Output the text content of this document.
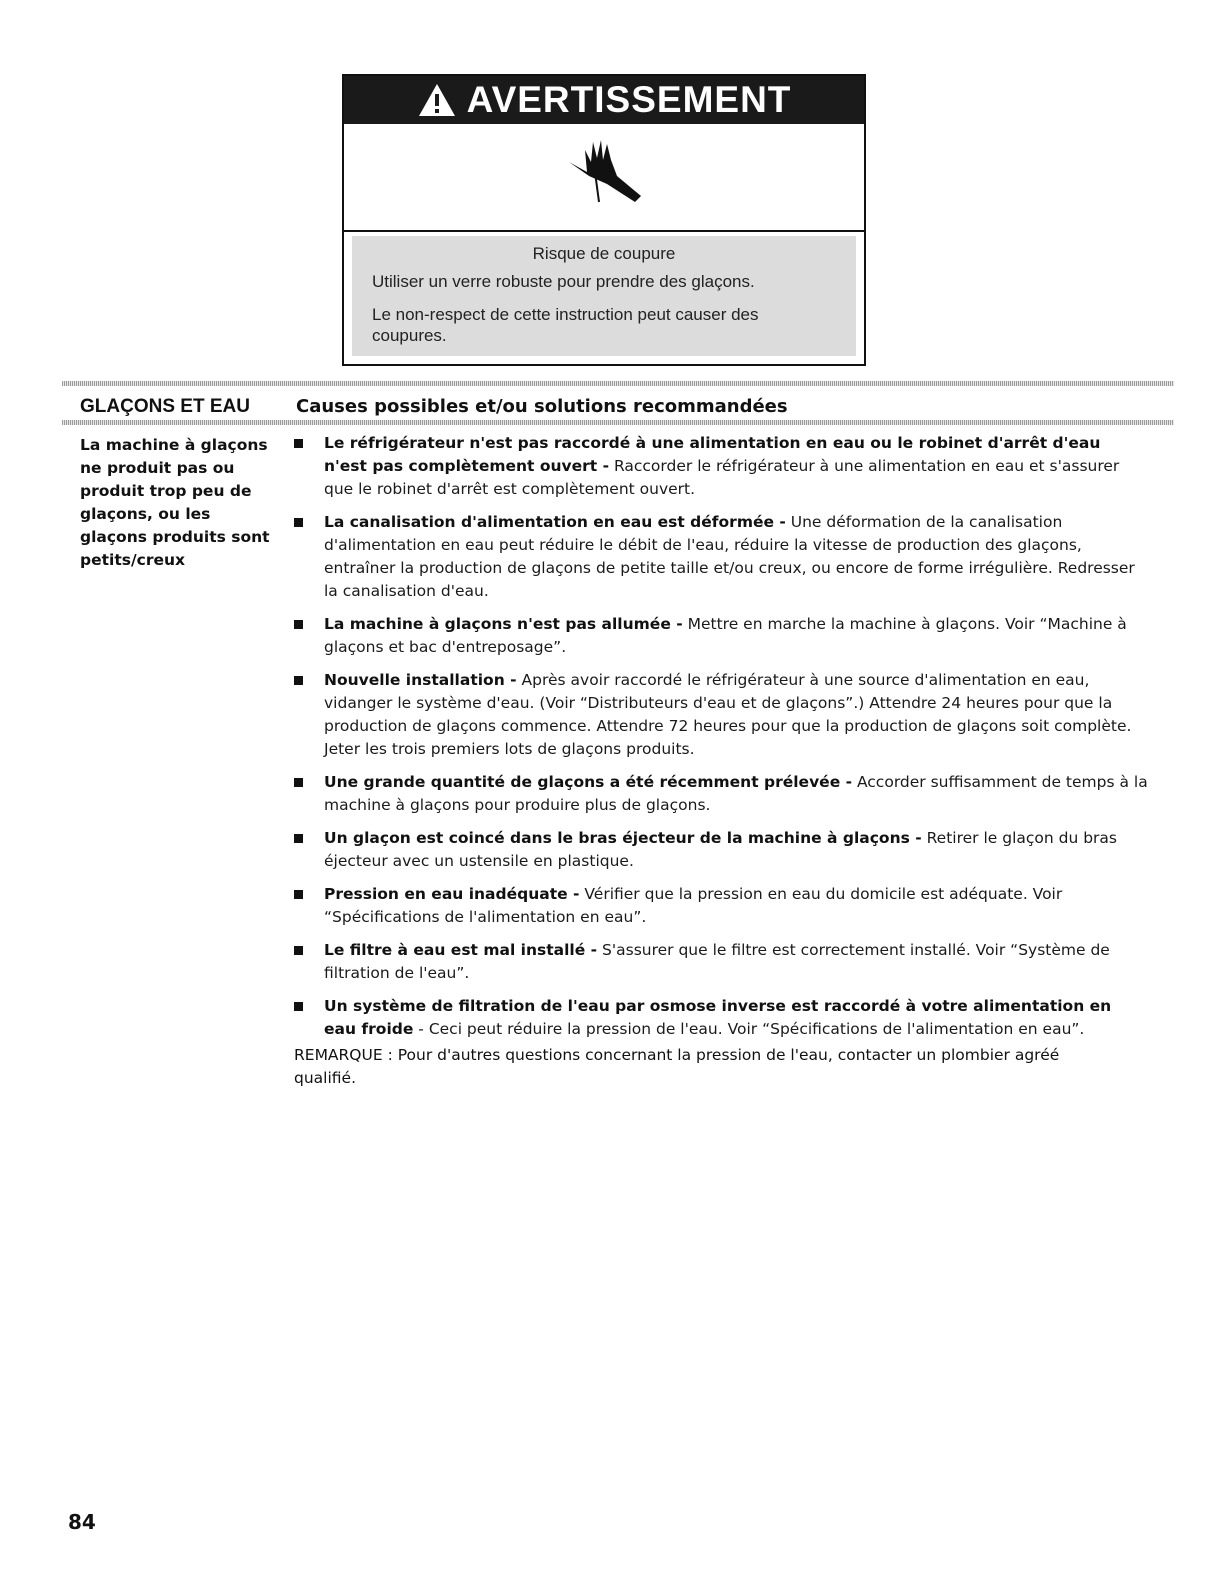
AVERTISSEMENT
Risque de coupure
Utiliser un verre robuste pour prendre des glaçons.
Le non-respect de cette instruction peut causer des coupures.
GLAÇONS ET EAU	Causes possibles et/ou solutions recommandées
La machine à glaçons ne produit pas ou produit trop peu de glaçons, ou les glaçons produits sont petits/creux
Le réfrigérateur n'est pas raccordé à une alimentation en eau ou le robinet d'arrêt d'eau n'est pas complètement ouvert - Raccorder le réfrigérateur à une alimentation en eau et s'assurer que le robinet d'arrêt est complètement ouvert.
La canalisation d'alimentation en eau est déformée - Une déformation de la canalisation d'alimentation en eau peut réduire le débit de l'eau, réduire la vitesse de production des glaçons, entraîner la production de glaçons de petite taille et/ou creux, ou encore de forme irrégulière. Redresser la canalisation d'eau.
La machine à glaçons n'est pas allumée - Mettre en marche la machine à glaçons. Voir “Machine à glaçons et bac d'entreposage”.
Nouvelle installation - Après avoir raccordé le réfrigérateur à une source d'alimentation en eau, vidanger le système d'eau. (Voir “Distributeurs d'eau et de glaçons”.) Attendre 24 heures pour que la production de glaçons commence. Attendre 72 heures pour que la production de glaçons soit complète. Jeter les trois premiers lots de glaçons produits.
Une grande quantité de glaçons a été récemment prélevée - Accorder suffisamment de temps à la machine à glaçons pour produire plus de glaçons.
Un glaçon est coincé dans le bras éjecteur de la machine à glaçons - Retirer le glaçon du bras éjecteur avec un ustensile en plastique.
Pression en eau inadéquate - Vérifier que la pression en eau du domicile est adéquate. Voir “Spécifications de l'alimentation en eau”.
Le filtre à eau est mal installé - S'assurer que le filtre est correctement installé. Voir “Système de filtration de l'eau”.
Un système de filtration de l'eau par osmose inverse est raccordé à votre alimentation en eau froide - Ceci peut réduire la pression de l'eau. Voir “Spécifications de l'alimentation en eau”.
REMARQUE : Pour d'autres questions concernant la pression de l'eau, contacter un plombier agréé qualifié.
84
